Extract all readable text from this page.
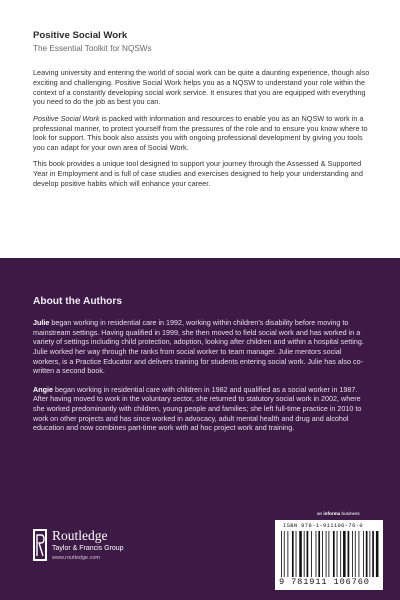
Positive Social Work
The Essential Toolkit for NQSWs

Leaving university and entering the world of social work can be quite a daunting experience, though also exciting and challenging. Positive Social Work helps you as a NQSW to understand your role within the context of a constantly developing social work service. It ensures that you are equipped with everything you need to do the job as best you can.

Positive Social Work is packed with information and resources to enable you as an NQSW to work in a professional manner, to protect yourself from the pressures of the role and to ensure you know where to look for support. This book also assists you with ongoing professional development by giving you tools you can adapt for your own area of Social Work.

This book provides a unique tool designed to support your journey through the Assessed & Supported Year in Employment and is full of case studies and exercises designed to help your understanding and develop positive habits which will enhance your career.

About the Authors

Julie began working in residential care in 1992, working within children's disability before moving to mainstream settings. Having qualified in 1999, she then moved to field social work and has worked in a variety of settings including child protection, adoption, looking after children and within a hospital setting. Julie worked her way through the ranks from social worker to team manager. Julie mentors social workers, is a Practice Educator and delivers training for students entering social work. Julie has also co-written a second book.

Angie began working in residential care with children in 1982 and qualified as a social worker in 1987. After having moved to work in the voluntary sector, she returned to statutory social work in 2002, where she worked predominantly with children, young people and families; she left full-time practice in 2010 to work on other projects and has since worked in advocacy, adult mental health and drug and alcohol education and now combines part-time work with ad hoc project work and training.

an informa business
Routledge
Taylor & Francis Group
www.routledge.com
ISBN 978-1-911106-76-0
9 781911 106760
